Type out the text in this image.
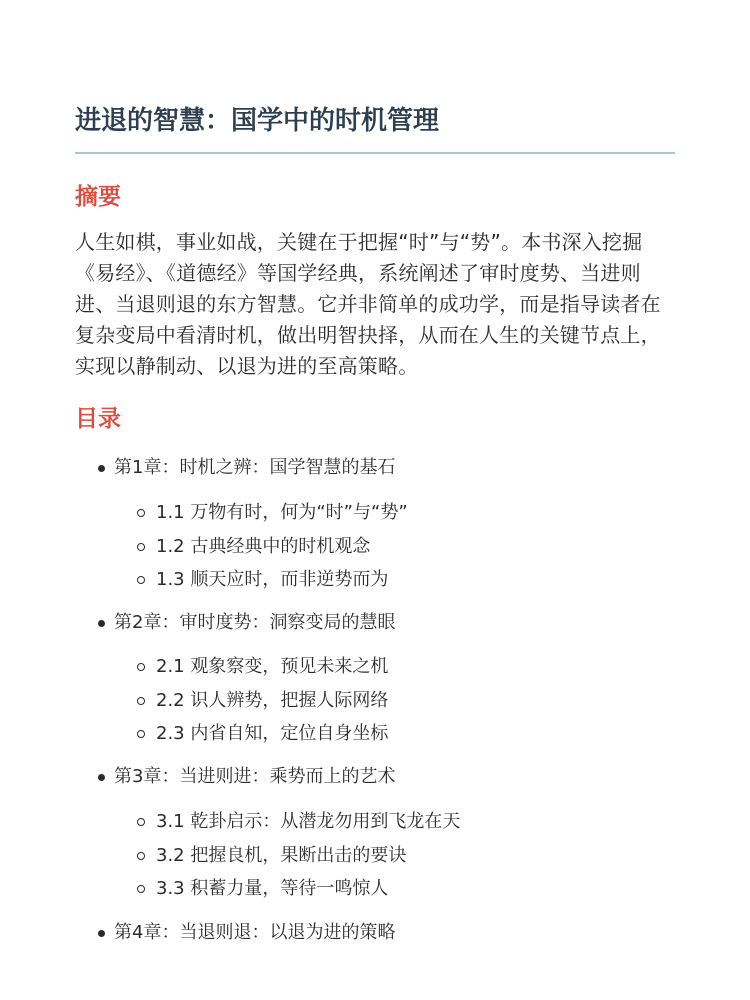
进退的智慧：国学中的时机管理
摘要

人生如棋，事业如战，关键在于把握“时”与“势”。本书深入挖掘《易经》、《道德经》等国学经典，系统阐述了审时度势、当进则进、当退则退的东方智慧。它并非简单的成功学，而是指导读者在复杂变局中看清时机，做出明智抉择，从而在人生的关键节点上，实现以静制动、以退为进的至高策略。

目录
第1章：时机之辨：国学智慧的基石
1.1 万物有时，何为“时”与“势”
1.2 古典经典中的时机观念
1.3 顺天应时，而非逆势而为
第2章：审时度势：洞察变局的慧眼
2.1 观象察变，预见未来之机
2.2 识人辨势，把握人际网络
2.3 内省自知，定位自身坐标
第3章：当进则进：乘势而上的艺术
3.1 乾卦启示：从潜龙勿用到飞龙在天
3.2 把握良机，果断出击的要诀
3.3 积蓄力量，等待一鸣惊人
第4章：当退则退：以退为进的策略
